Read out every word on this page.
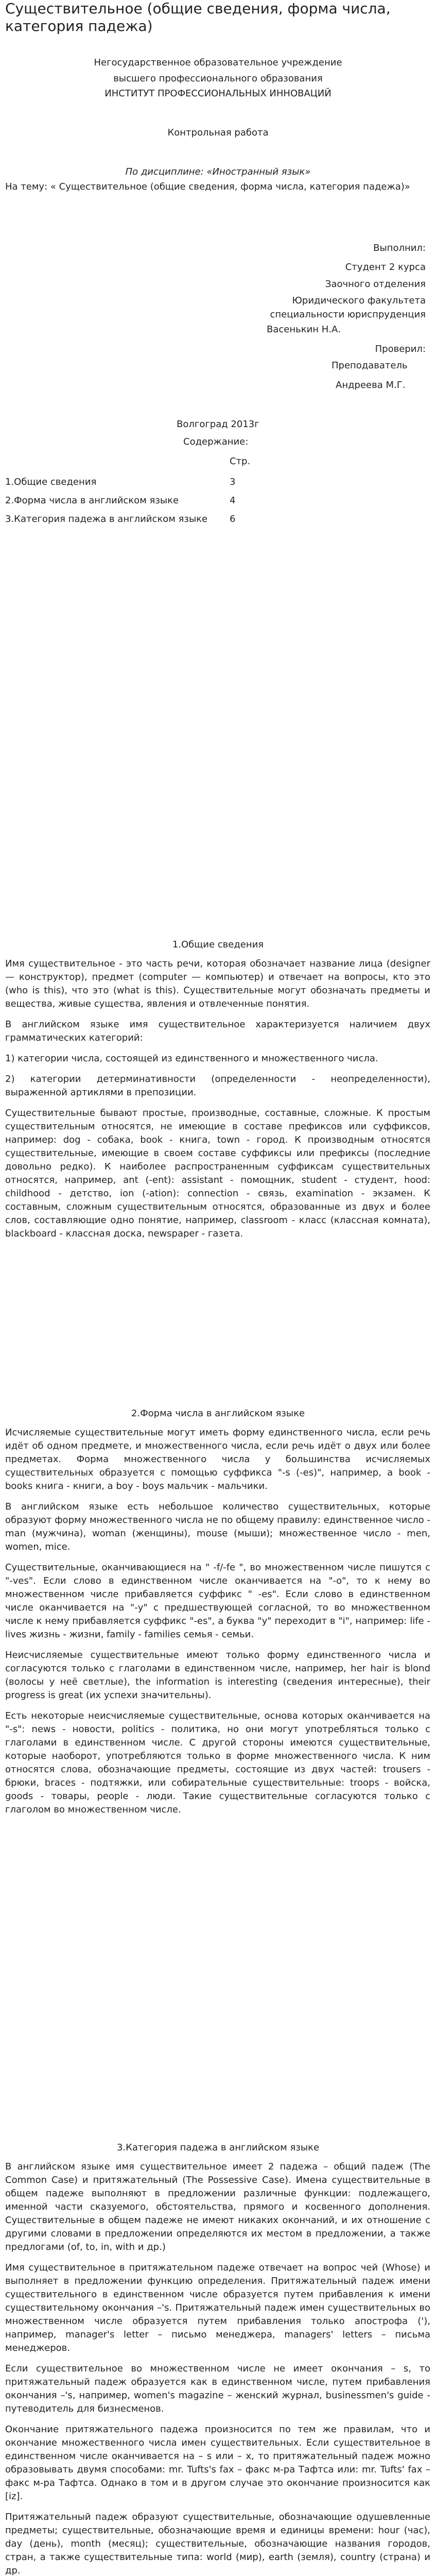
Существительное (общие сведения, форма числа, категория падежа)
Негосударственное образовательное учреждение
высшего профессионального образования
ИНСТИТУТ ПРОФЕССИОНАЛЬНЫХ ИННОВАЦИЙ
Контрольная работа
По дисциплине: «Иностранный язык»
На тему: « Существительное (общие сведения, форма числа, категория падежа)»
Выполнил:
Студент 2 курса
Заочного отделения
Юридического факультета
специальности юриспруденция
Васенькин Н.А.
Проверил:
Преподаватель
Андреева М.Г.
Волгоград 2013г
Содержание:
Стр.
1.Общие сведения	3
2.Форма числа в английском языке	4
3.Категория падежа в английском языке 6
1.Общие сведения

Имя существительное - это часть речи, которая обозначает название лица (designer — конструктор), предмет (computer — компьютер) и отвечает на вопросы, кто это (who is this), что это (what is this). Существительные могут обозначать предметы и вещества, живые существа, явления и отвлеченные понятия.

В английском языке имя существительное характеризуется наличием двух грамматических категорий:

1) категории числа, состоящей из единственного и множественного числа.

2) категории детерминативности (определенности - неопределенности), выраженной артиклями в препозиции.

Существительные бывают простые, производные, составные, сложные. К простым существительным относятся, не имеющие в составе префиксов или суффиксов, например: dog - собака, book - книга, town - город. К производным относятся существительные, имеющие в своем составе суффиксы или префиксы (последние довольно редко). К наиболее распространенным суффиксам существительных относятся, например, ant (-ent): assistant - помощник, student - студент, hood: childhood - детство, ion (-ation): connection - связь, examination - экзамен. К составным, сложным существительным относятся, образованные из двух и более слов, составляющие одно понятие, например, classroom - класс (классная комната), blackboard - классная доска, newspaper - газета.

2.Форма числа в английском языке

Исчисляемые существительные могут иметь форму единственного числа, если речь идёт об одном предмете, и множественного числа, если речь идёт о двух или более предметах. Форма множественного числа у большинства исчисляемых существительных образуется с помощью суффикса "-s (-es)", например, a book - books книга - книги, a boy - boys мальчик - мальчики.

В английском языке есть небольшое количество существительных, которые образуют форму множественного числа не по общему правилу: единственное число - man (мужчина), woman (женщины), mouse (мыши); множественное число - men, women, mice.

Существительные, оканчивающиеся на " -f/-fe ", во множественном числе пишутся с "-ves". Если слово в единственном числе оканчивается на "-o", то к нему во множественном числе прибавляется суффикс " -es". Если слово в единственном числе оканчивается на "-y" с предшествующей согласной, то во множественном числе к нему прибавляется суффикс "-es", а буква "y" переходит в "i", например: life - lives жизнь - жизни, family - families семья - семьи.

Неисчисляемые существительные имеют только форму единственного числа и согласуются только с глаголами в единственном числе, например, her hair is blond (волосы у неё светлые), the information is interesting (сведения интересные), their progress is great (их успехи значительны).

Есть некоторые неисчисляемые существительные, основа которых оканчивается на "-s": news - новости, politics - политика, но они могут употребляться только с глаголами в единственном числе. С другой стороны имеются существительные, которые наоборот, употребляются только в форме множественного числа. К ним относятся слова, обозначающие предметы, состоящие из двух частей: trousers - брюки, braces - подтяжки, или собирательные существительные: troops - войска, goods - товары, people - люди. Такие существительные согласуются только с глаголом во множественном числе.

3.Категория падежа в английском языке

В английском языке имя существительное имеет 2 падежа – общий падеж (The Common Case) и притяжательный (The Possessive Case). Имена существительные в общем падеже выполняют в предложении различные функции: подлежащего, именной части сказуемого, обстоятельства, прямого и косвенного дополнения. Существительные в общем падеже не имеют никаких окончаний, и их отношение с другими словами в предложении определяются их местом в предложении, а также предлогами (of, to, in, with и др.)

Имя существительное в притяжательном падеже отвечает на вопрос чей (Whose) и выполняет в предложении функцию определения. Притяжательный падеж имени существительного в единственном числе образуется путем прибавления к имени существительному окончания –'s. Притяжательный падеж имен существительных во множественном числе образуется путем прибавления только апострофа ('), например, manager's letter – письмо менеджера, managers' letters – письма менеджеров.

Если существительное во множественном числе не имеет окончания – s, то притяжательный падеж образуется как в единственном числе, путем прибавления окончания –'s, например, women's magazine – женский журнал, businessmen's guide - путеводитель для бизнесменов.

Окончание притяжательного падежа произносится по тем же правилам, что и окончание множественного числа имен существительных. Если существительное в единственном числе оканчивается на – s или – x, то притяжательный падеж можно образовывать двумя способами: mr. Tufts's fax – факс м-ра Тафтса или: mr. Tufts' fax – факс м-ра Тафтса. Однако в том и в другом случае это окончание произносится как [iz].

Притяжательный падеж образуют существительные, обозначающие одушевленные предметы; существительные, обозначающие время и единицы времени: hour (час), day (день), month (месяц); существительные, обозначающие названия городов, стран, а также существительные типа: world (мир), earth (земля), country (страна) и др.
